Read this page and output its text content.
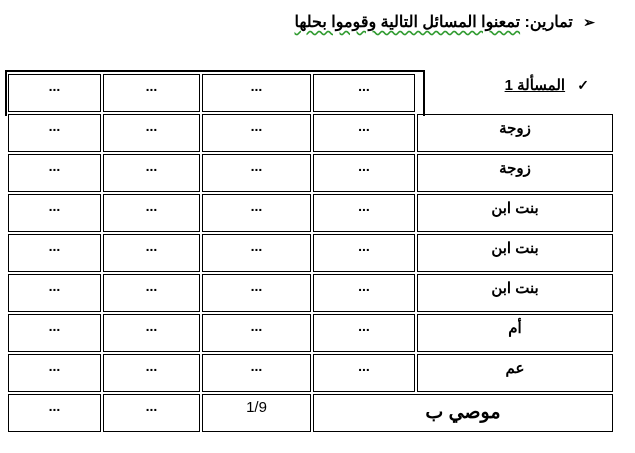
➢ تمارين: تمعنوا المسائل التالية وقوموا بحلها
✓ المسألة 1
...	...	...	...	
...	...	...	...	زوجة
...	...	...	...	زوجة
...	...	...	...	بنت ابن
...	...	...	...	بنت ابن
...	...	...	...	بنت ابن
...	...	...	...	أم
...	...	...	...	عم
...	...	1/9	موصي ب	
